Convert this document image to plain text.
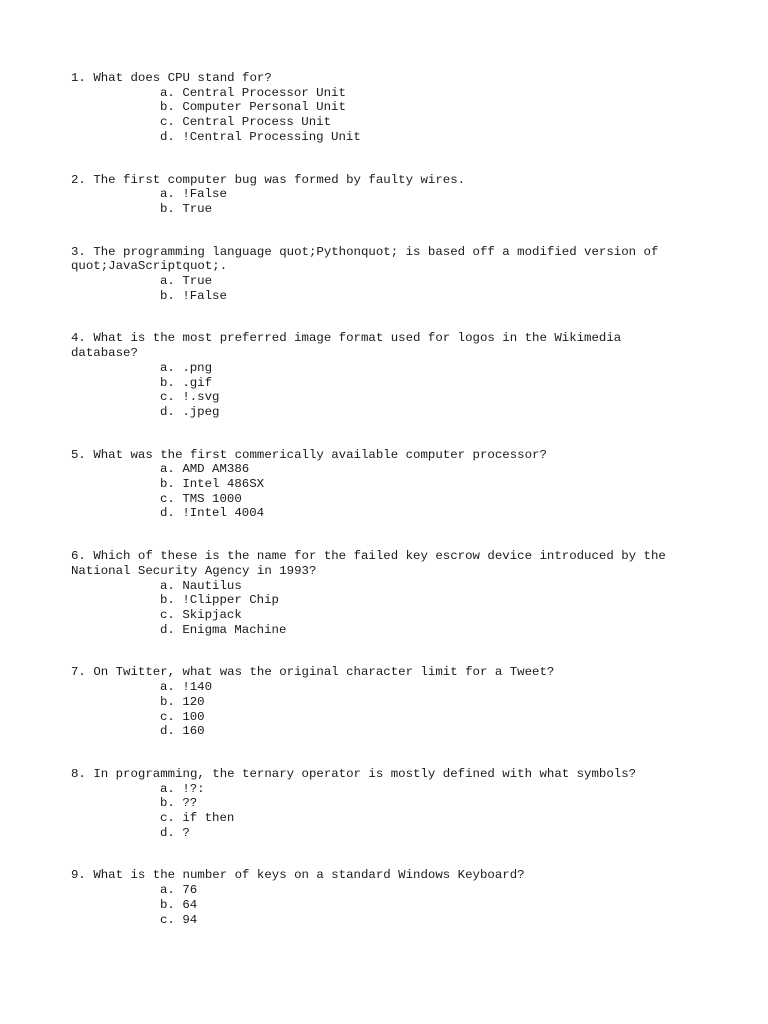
1. What does CPU stand for?
a. Central Processor Unit
b. Computer Personal Unit
c. Central Process Unit
d. !Central Processing Unit
2. The first computer bug was formed by faulty wires.
a. !False
b. True
3. The programming language quot;Pythonquot; is based off a modified version of quot;JavaScriptquot;.
a. True
b. !False
4. What is the most preferred image format used for logos in the Wikimedia database?
a. .png
b. .gif
c. !.svg
d. .jpeg
5. What was the first commerically available computer processor?
a. AMD AM386
b. Intel 486SX
c. TMS 1000
d. !Intel 4004
6. Which of these is the name for the failed key escrow device introduced by the National Security Agency in 1993?
a. Nautilus
b. !Clipper Chip
c. Skipjack
d. Enigma Machine
7. On Twitter, what was the original character limit for a Tweet?
a. !140
b. 120
c. 100
d. 160
8. In programming, the ternary operator is mostly defined with what symbols?
a. !?:
b. ??
c. if then
d. ?
9. What is the number of keys on a standard Windows Keyboard?
a. 76
b. 64
c. 94
